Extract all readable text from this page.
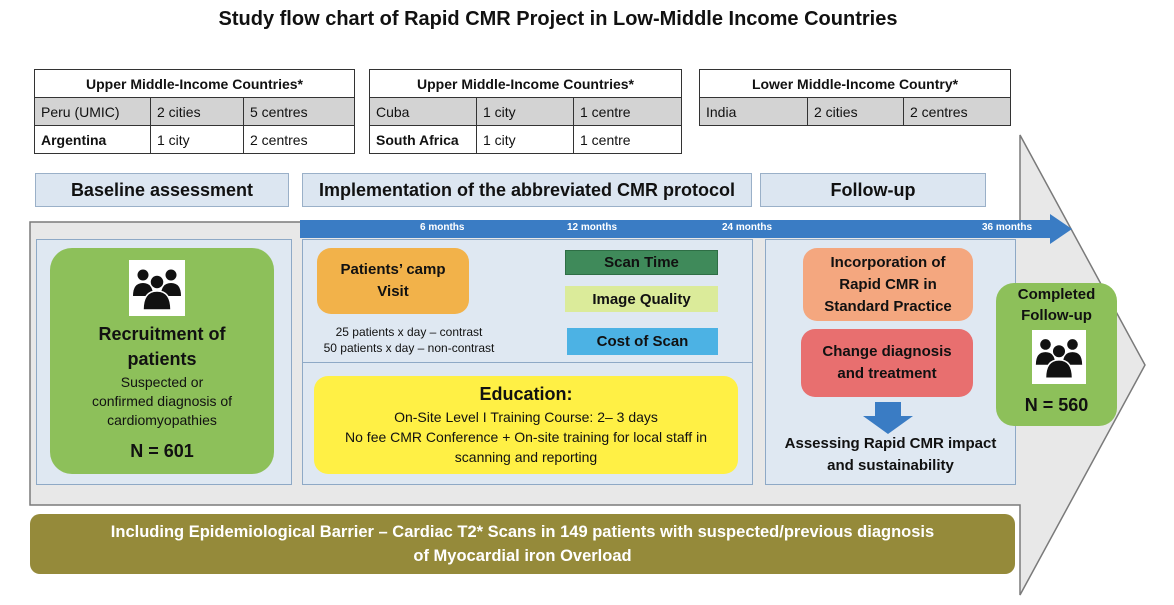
Study flow chart of Rapid CMR Project in Low-Middle Income Countries
Upper Middle-Income Countries*		
Peru (UMIC)	2 cities	5 centres
Argentina	1 city	2 centres
Upper Middle-Income Countries*		
Cuba	1 city	1 centre
South Africa	1 city	1 centre
Lower Middle-Income Country*
India	2 cities	2 centres
Baseline assessment	Implementation of the abbreviated CMR protocol	Follow-up
6 months	12 months	24 months	36 months
Recruitment of patients
Suspected or confirmed diagnosis of cardiomyopathies
N = 601
Patients’ camp Visit
25 patients x day – contrast
50 patients x day – non-contrast
Scan Time
Image Quality
Cost of Scan
Education:
On-Site Level I Training Course: 2– 3 days
No fee CMR Conference + On-site training for local staff in scanning and reporting
Incorporation of Rapid CMR in Standard Practice
Change diagnosis and treatment
Assessing Rapid CMR impact and sustainability
Completed Follow-up
N = 560
Including Epidemiological Barrier – Cardiac T2* Scans in 149 patients with suspected/previous diagnosis of Myocardial iron Overload
